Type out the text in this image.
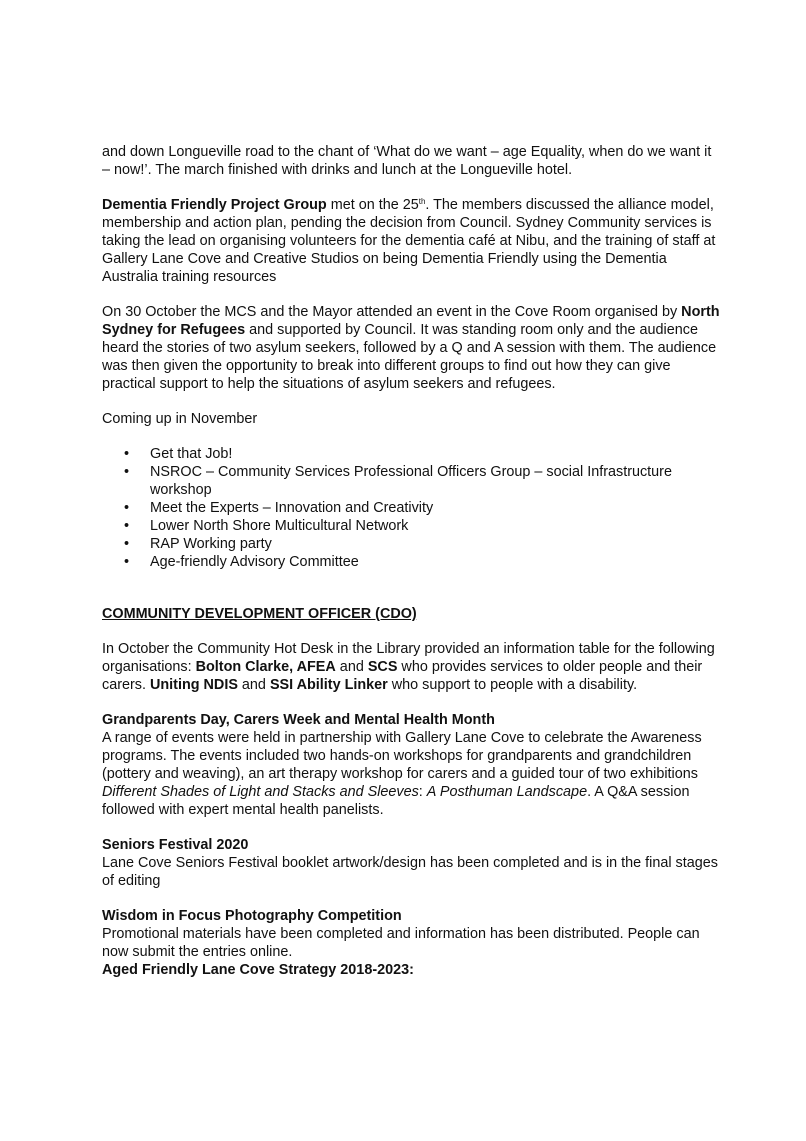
and down Longueville road to the chant of ‘What do we want – age Equality, when do we want it – now!’. The march finished with drinks and lunch at the Longueville hotel.

Dementia Friendly Project Group met on the 25th. The members discussed the alliance model, membership and action plan, pending the decision from Council. Sydney Community services is taking the lead on organising volunteers for the dementia café at Nibu, and the training of staff at Gallery Lane Cove and Creative Studios on being Dementia Friendly using the Dementia Australia training resources

On 30 October the MCS and the Mayor attended an event in the Cove Room organised by North Sydney for Refugees and supported by Council. It was standing room only and the audience heard the stories of two asylum seekers, followed by a Q and A session with them. The audience was then given the opportunity to break into different groups to find out how they can give practical support to help the situations of asylum seekers and refugees.

Coming up in November

• Get that Job!
• NSROC – Community Services Professional Officers Group – social Infrastructure workshop
• Meet the Experts – Innovation and Creativity
• Lower North Shore Multicultural Network
• RAP Working party
• Age-friendly Advisory Committee

COMMUNITY DEVELOPMENT OFFICER (CDO)

In October the Community Hot Desk in the Library provided an information table for the following organisations: Bolton Clarke, AFEA and SCS who provides services to older people and their carers. Uniting NDIS and SSI Ability Linker who support to people with a disability.

Grandparents Day, Carers Week and Mental Health Month

A range of events were held in partnership with Gallery Lane Cove to celebrate the Awareness programs. The events included two hands-on workshops for grandparents and grandchildren (pottery and weaving), an art therapy workshop for carers and a guided tour of two exhibitions Different Shades of Light and Stacks and Sleeves: A Posthuman Landscape. A Q&A session followed with expert mental health panelists.

Seniors Festival 2020

Lane Cove Seniors Festival booklet artwork/design has been completed and is in the final stages of editing

Wisdom in Focus Photography Competition

Promotional materials have been completed and information has been distributed. People can now submit the entries online.

Aged Friendly Lane Cove Strategy 2018-2023:
